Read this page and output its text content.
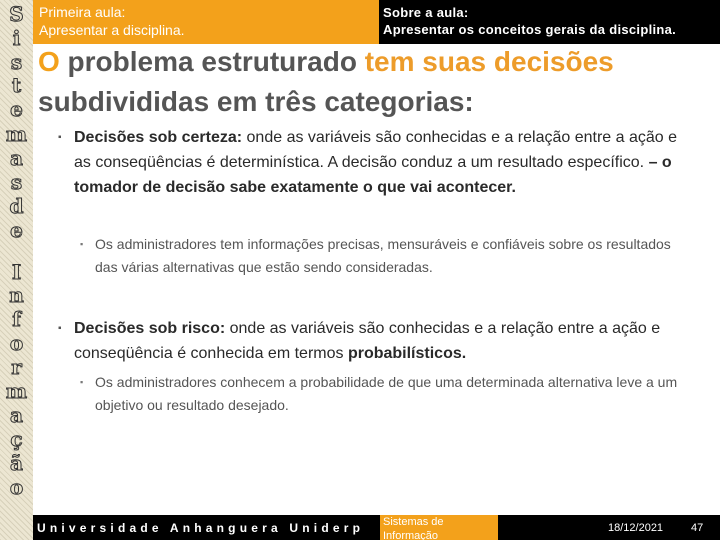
S
i
s
t
e
m
a
s
d
e
I
n
f
o
r
m
a
ç
ã
o
Primeira aula:
Apresentar a disciplina.
Sobre a aula:
Apresentar os conceitos gerais da disciplina.
O problema estruturado tem suas decisões
subdivididas em três categorias:
▪ Decisões sob certeza: onde as variáveis são conhecidas e a relação entre a ação e as conseqüências é determinística. A decisão conduz a um resultado específico. – o tomador de decisão sabe exatamente o que vai acontecer.
▪ Os administradores tem informações precisas, mensuráveis e confiáveis sobre os resultados das várias alternativas que estão sendo consideradas.
▪ Decisões sob risco: onde as variáveis são conhecidas e a relação entre a ação e conseqüência é conhecida em termos probabilísticos.
▪ Os administradores conhecem a probabilidade de que uma determinada alternativa leve a um objetivo ou resultado desejado.
Universidade Anhanguera Uniderp Sistemas de Informação
18/12/2021	47
